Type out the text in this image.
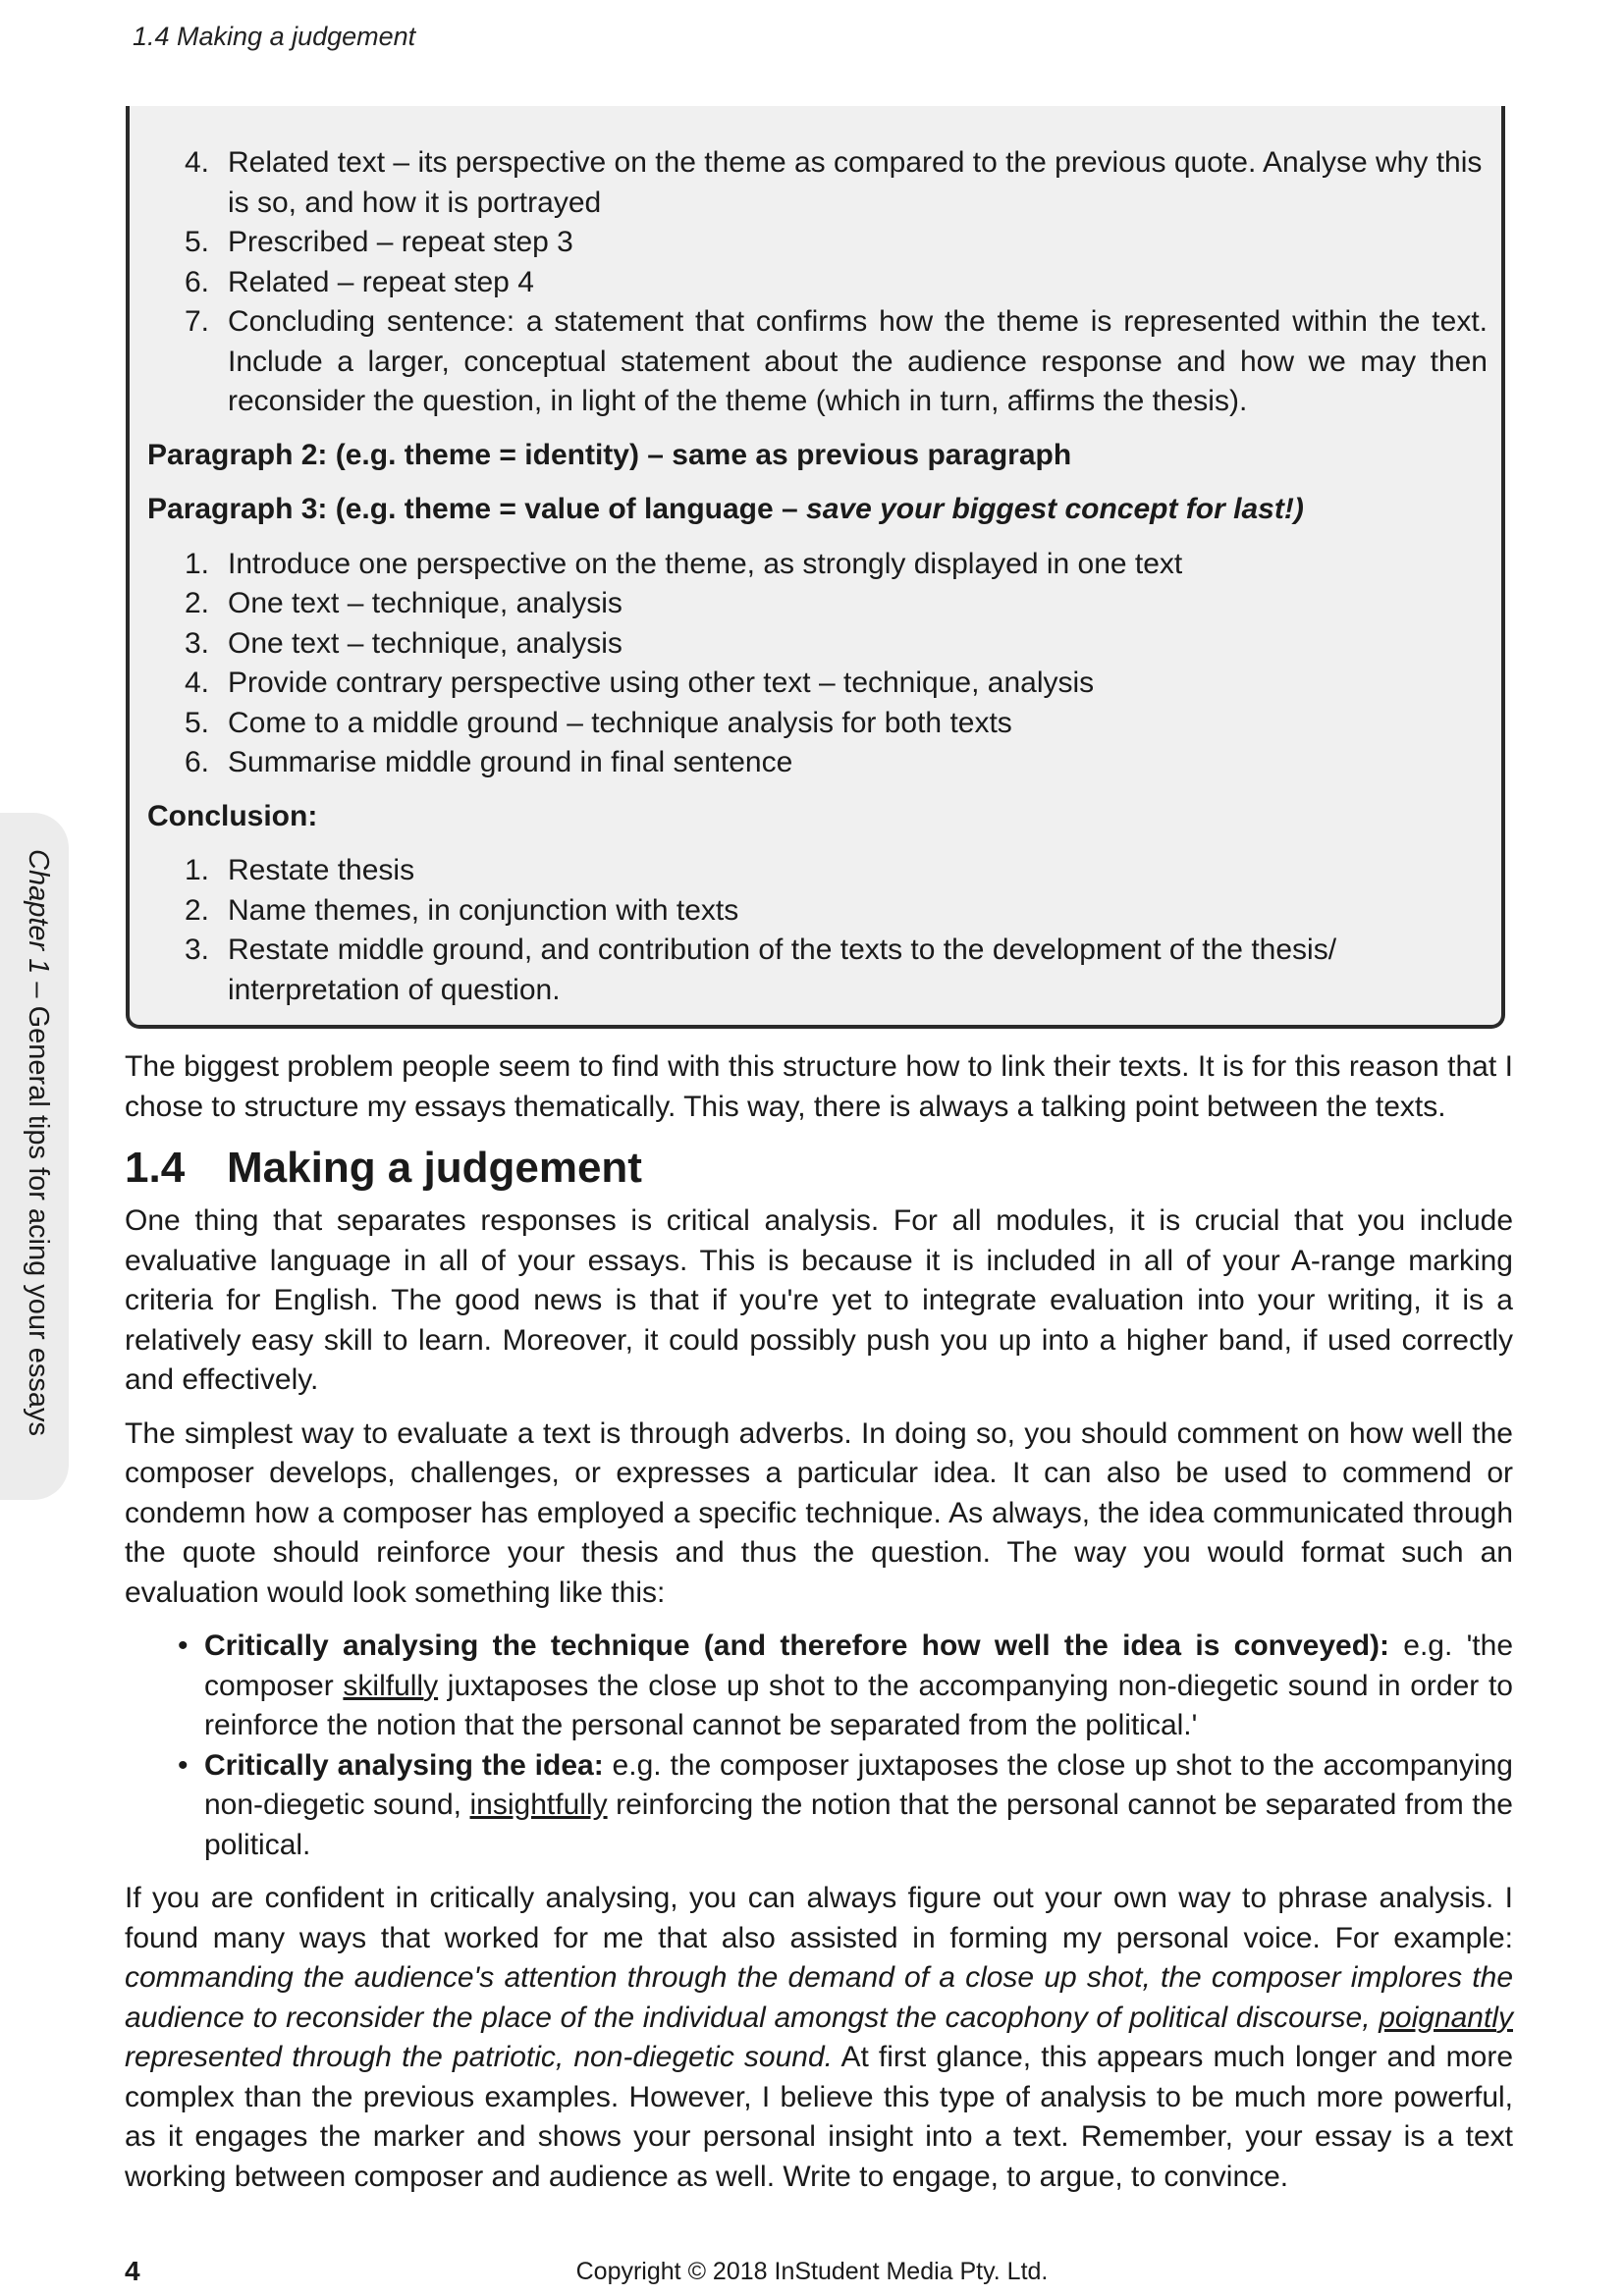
1.4 Making a judgement
Chapter 1 – General tips for acing your essays
4. Related text – its perspective on the theme as compared to the previous quote. Analyse why this is so, and how it is portrayed
5. Prescribed – repeat step 3
6. Related – repeat step 4
7. Concluding sentence: a statement that confirms how the theme is represented within the text. Include a larger, conceptual statement about the audience response and how we may then reconsider the question, in light of the theme (which in turn, affirms the thesis).

Paragraph 2: (e.g. theme = identity) – same as previous paragraph

Paragraph 3: (e.g. theme = value of language – save your biggest concept for last!)

1. Introduce one perspective on the theme, as strongly displayed in one text
2. One text – technique, analysis
3. One text – technique, analysis
4. Provide contrary perspective using other text – technique, analysis
5. Come to a middle ground – technique analysis for both texts
6. Summarise middle ground in final sentence

Conclusion:

1. Restate thesis
2. Name themes, in conjunction with texts
3. Restate middle ground, and contribution of the texts to the development of the thesis/ interpretation of question.

The biggest problem people seem to find with this structure how to link their texts. It is for this reason that I chose to structure my essays thematically. This way, there is always a talking point between the texts.

1.4 Making a judgement

One thing that separates responses is critical analysis. For all modules, it is crucial that you include evaluative language in all of your essays. This is because it is included in all of your A-range marking criteria for English. The good news is that if you're yet to integrate evaluation into your writing, it is a relatively easy skill to learn. Moreover, it could possibly push you up into a higher band, if used correctly and effectively.

The simplest way to evaluate a text is through adverbs. In doing so, you should comment on how well the composer develops, challenges, or expresses a particular idea. It can also be used to commend or condemn how a composer has employed a specific technique. As always, the idea communicated through the quote should reinforce your thesis and thus the question. The way you would format such an evaluation would look something like this:

• Critically analysing the technique (and therefore how well the idea is conveyed): e.g. 'the composer skilfully juxtaposes the close up shot to the accompanying non-diegetic sound in order to reinforce the notion that the personal cannot be separated from the political.'
• Critically analysing the idea: e.g. the composer juxtaposes the close up shot to the accompanying non-diegetic sound, insightfully reinforcing the notion that the personal cannot be separated from the political.

If you are confident in critically analysing, you can always figure out your own way to phrase analysis. I found many ways that worked for me that also assisted in forming my personal voice. For example: commanding the audience's attention through the demand of a close up shot, the composer implores the audience to reconsider the place of the individual amongst the cacophony of political discourse, poignantly represented through the patriotic, non-diegetic sound. At first glance, this appears much longer and more complex than the previous examples. However, I believe this type of analysis to be much more powerful, as it engages the marker and shows your personal insight into a text. Remember, your essay is a text working between composer and audience as well. Write to engage, to argue, to convince.

4	Copyright © 2018 InStudent Media Pty. Ltd.
